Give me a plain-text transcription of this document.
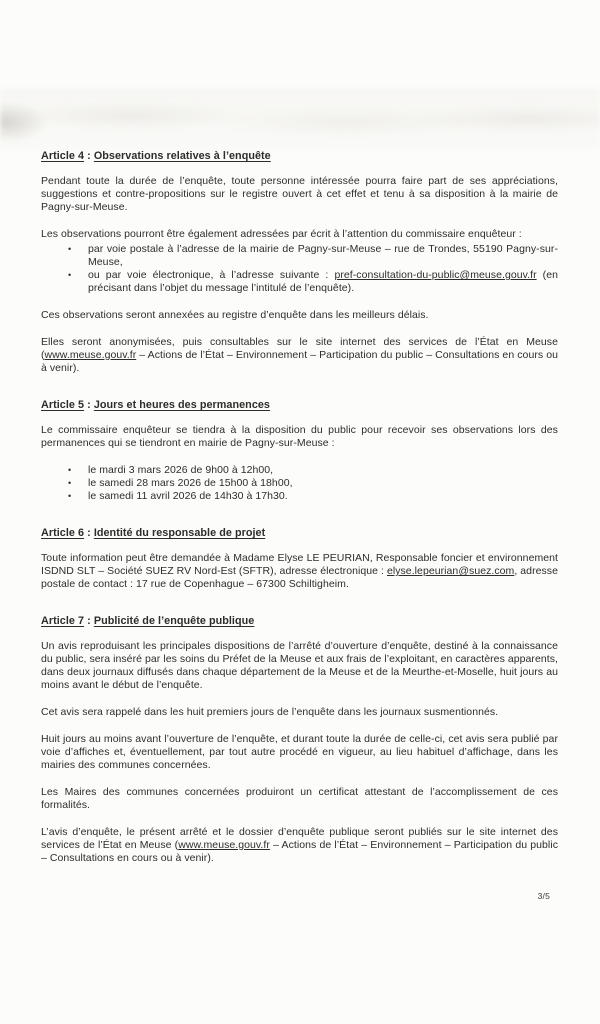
Article 4 : Observations relatives à l’enquête

Pendant toute la durée de l’enquête, toute personne intéressée pourra faire part de ses appréciations, suggestions et contre-propositions sur le registre ouvert à cet effet et tenu à sa disposition à la mairie de Pagny-sur-Meuse.

Les observations pourront être également adressées par écrit à l’attention du commissaire enquêteur :

•	par voie postale à l’adresse de la mairie de Pagny-sur-Meuse – rue de Trondes, 55190 Pagny-sur-Meuse,
•	ou par voie électronique, à l’adresse suivante : pref-consultation-du-public@meuse.gouv.fr (en précisant dans l’objet du message l’intitulé de l’enquête).

Ces observations seront annexées au registre d’enquête dans les meilleurs délais.

Elles seront anonymisées, puis consultables sur le site internet des services de l’État en Meuse (www.meuse.gouv.fr – Actions de l’État – Environnement – Participation du public – Consultations en cours ou à venir).

Article 5 : Jours et heures des permanences

Le commissaire enquêteur se tiendra à la disposition du public pour recevoir ses observations lors des permanences qui se tiendront en mairie de Pagny-sur-Meuse :

•	le mardi 3 mars 2026 de 9h00 à 12h00,
•	le samedi 28 mars 2026 de 15h00 à 18h00,
•	le samedi 11 avril 2026 de 14h30 à 17h30.
Article 6 : Identité du responsable de projet

Toute information peut être demandée à Madame Elyse LE PEURIAN, Responsable foncier et environnement ISDND SLT – Société SUEZ RV Nord-Est (SFTR), adresse électronique : elyse.lepeurian@suez.com, adresse postale de contact : 17 rue de Copenhague – 67300 Schiltigheim.

Article 7 : Publicité de l’enquête publique

Un avis reproduisant les principales dispositions de l’arrêté d’ouverture d’enquête, destiné à la connaissance du public, sera inséré par les soins du Préfet de la Meuse et aux frais de l’exploitant, en caractères apparents, dans deux journaux diffusés dans chaque département de la Meuse et de la Meurthe-et-Moselle, huit jours au moins avant le début de l’enquête.

Cet avis sera rappelé dans les huit premiers jours de l’enquête dans les journaux susmentionnés.

Huit jours au moins avant l’ouverture de l’enquête, et durant toute la durée de celle-ci, cet avis sera publié par voie d’affiches et, éventuellement, par tout autre procédé en vigueur, au lieu habituel d’affichage, dans les mairies des communes concernées.

Les Maires des communes concernées produiront un certificat attestant de l’accomplissement de ces formalités.

L’avis d’enquête, le présent arrêté et le dossier d’enquête publique seront publiés sur le site internet des services de l’État en Meuse (www.meuse.gouv.fr – Actions de l’État – Environnement – Participation du public – Consultations en cours ou à venir).

3/5
